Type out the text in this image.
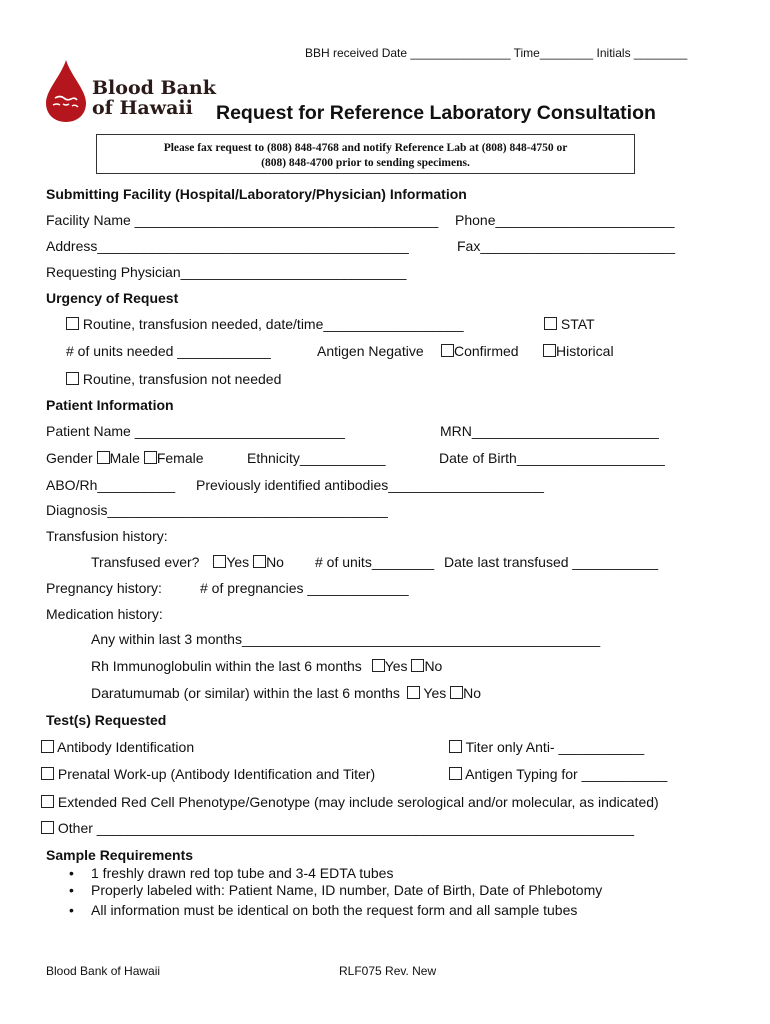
BBH received Date _______________ Time________ Initials ________
Blood Bank
of Hawaii Request for Reference Laboratory Consultation
Please fax request to (808) 848-4768 and notify Reference Lab at (808) 848-4750 or
(808) 848-4700 prior to sending specimens.
Submitting Facility (Hospital/Laboratory/Physician) Information
Facility Name _______________________________________ Phone_______________________
Address________________________________________	Fax_________________________
Requesting Physician_____________________________
Urgency of Request
Routine, transfusion needed, date/time__________________	STAT
# of units needed ____________	Antigen Negative	Confirmed	Historical
Routine, transfusion not needed
Patient Information
Patient Name ___________________________	MRN________________________
Gender Male Female	Ethnicity___________	Date of Birth___________________
ABO/Rh__________ Previously identified antibodies____________________
Diagnosis____________________________________
Transfusion history:
Transfused ever? Yes No # of units________ Date last transfused ___________
Pregnancy history:	# of pregnancies _____________
Medication history:
Any within last 3 months______________________________________________
Rh Immunoglobulin within the last 6 months Yes No
Daratumumab (or similar) within the last 6 months Yes No
Test(s) Requested
Antibody Identification	Titer only Anti- ___________
Prenatal Work-up (Antibody Identification and Titer)	Antigen Typing for ___________
Extended Red Cell Phenotype/Genotype (may include serological and/or molecular, as indicated)
Other _____________________________________________________________________
Sample Requirements
• 1 freshly drawn red top tube and 3-4 EDTA tubes
• Properly labeled with: Patient Name, ID number, Date of Birth, Date of Phlebotomy
• All information must be identical on both the request form and all sample tubes
Blood Bank of Hawaii	RLF075 Rev. New
